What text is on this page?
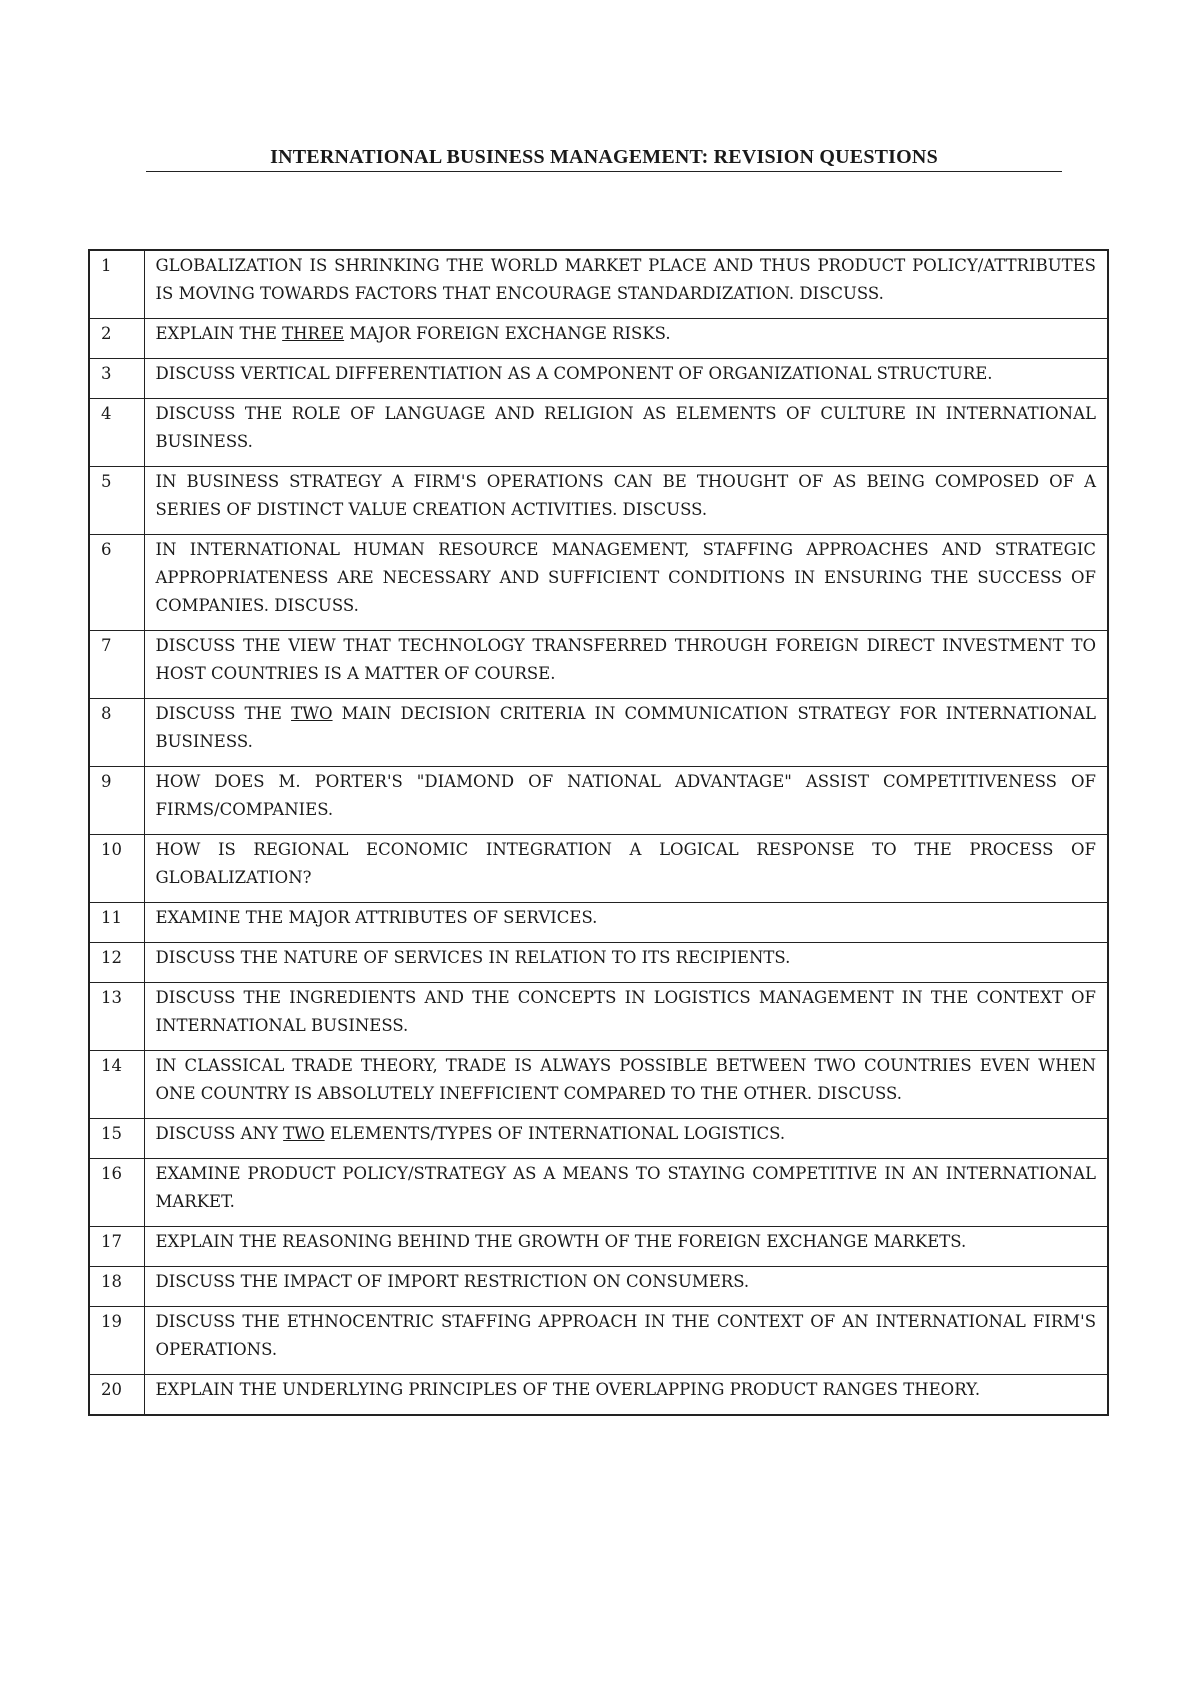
INTERNATIONAL BUSINESS MANAGEMENT: REVISION QUESTIONS
1	GLOBALIZATION IS SHRINKING THE WORLD MARKET PLACE AND THUS PRODUCT POLICY/ATTRIBUTES IS MOVING TOWARDS FACTORS THAT ENCOURAGE STANDARDIZATION. DISCUSS.
2	EXPLAIN THE THREE MAJOR FOREIGN EXCHANGE RISKS.
3	DISCUSS VERTICAL DIFFERENTIATION AS A COMPONENT OF ORGANIZATIONAL STRUCTURE.
4	DISCUSS THE ROLE OF LANGUAGE AND RELIGION AS ELEMENTS OF CULTURE IN INTERNATIONAL BUSINESS.
5	IN BUSINESS STRATEGY A FIRM'S OPERATIONS CAN BE THOUGHT OF AS BEING COMPOSED OF A SERIES OF DISTINCT VALUE CREATION ACTIVITIES. DISCUSS.
6	IN INTERNATIONAL HUMAN RESOURCE MANAGEMENT, STAFFING APPROACHES AND STRATEGIC APPROPRIATENESS ARE NECESSARY AND SUFFICIENT CONDITIONS IN ENSURING THE SUCCESS OF COMPANIES. DISCUSS.
7	DISCUSS THE VIEW THAT TECHNOLOGY TRANSFERRED THROUGH FOREIGN DIRECT INVESTMENT TO HOST COUNTRIES IS A MATTER OF COURSE.
8	DISCUSS THE TWO MAIN DECISION CRITERIA IN COMMUNICATION STRATEGY FOR INTERNATIONAL BUSINESS.
9	HOW DOES M. PORTER'S "DIAMOND OF NATIONAL ADVANTAGE" ASSIST COMPETITIVENESS OF FIRMS/COMPANIES.
10	HOW IS REGIONAL ECONOMIC INTEGRATION A LOGICAL RESPONSE TO THE PROCESS OF GLOBALIZATION?
11	EXAMINE THE MAJOR ATTRIBUTES OF SERVICES.
12	DISCUSS THE NATURE OF SERVICES IN RELATION TO ITS RECIPIENTS.
13	DISCUSS THE INGREDIENTS AND THE CONCEPTS IN LOGISTICS MANAGEMENT IN THE CONTEXT OF INTERNATIONAL BUSINESS.
14	IN CLASSICAL TRADE THEORY, TRADE IS ALWAYS POSSIBLE BETWEEN TWO COUNTRIES EVEN WHEN ONE COUNTRY IS ABSOLUTELY INEFFICIENT COMPARED TO THE OTHER. DISCUSS.
15	DISCUSS ANY TWO ELEMENTS/TYPES OF INTERNATIONAL LOGISTICS.
16	EXAMINE PRODUCT POLICY/STRATEGY AS A MEANS TO STAYING COMPETITIVE IN AN INTERNATIONAL MARKET.
17	EXPLAIN THE REASONING BEHIND THE GROWTH OF THE FOREIGN EXCHANGE MARKETS.
18	DISCUSS THE IMPACT OF IMPORT RESTRICTION ON CONSUMERS.
19	DISCUSS THE ETHNOCENTRIC STAFFING APPROACH IN THE CONTEXT OF AN INTERNATIONAL FIRM'S OPERATIONS.
20	EXPLAIN THE UNDERLYING PRINCIPLES OF THE OVERLAPPING PRODUCT RANGES THEORY.
